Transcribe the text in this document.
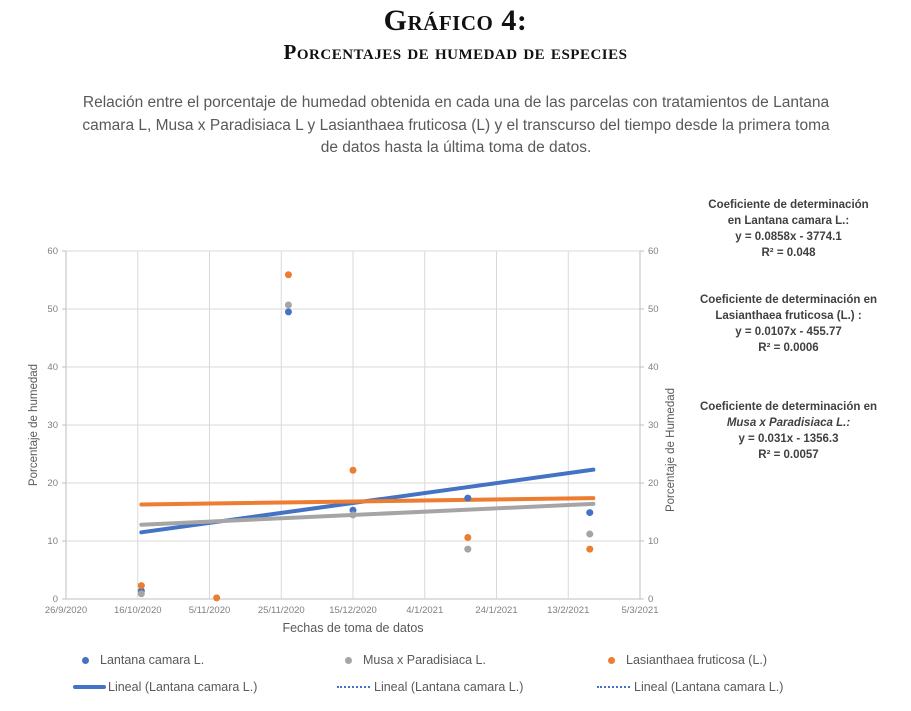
Gráfico 4:
Porcentajes de humedad de especies
Relación entre el porcentaje de humedad obtenida en cada una de las parcelas con tratamientos de Lantana camara L, Musa x Paradisiaca L y Lasianthaea fruticosa (L) y el transcurso del tiempo desde la primera toma de datos hasta la última toma de datos.
Coeficiente de determinación
en Lantana camara L.:
y = 0.0858x - 3774.1
R² = 0.048
Coeficiente de determinación en
Lasianthaea fruticosa (L.) :
y = 0.0107x - 455.77
R² = 0.0006
Coeficiente de determinación en
Musa x Paradisiaca L.:
y = 0.031x - 1356.3
R² = 0.0057
0	0
10	10
20	20
30	30
40	40
50	50
60	60
26/9/2020	16/10/2020	5/11/2020	25/11/2020	15/12/2020	4/1/2021	24/1/2021	13/2/2021	5/3/2021
Porcentaje de humedad	Porcentaje de Humedad
Fechas de toma de datos
Lantana camara L.	Musa x Paradisiaca L.	Lasianthaea fruticosa (L.)
Lineal (Lantana camara L.)	Lineal (Lantana camara L.)	Lineal (Lantana camara L.)
